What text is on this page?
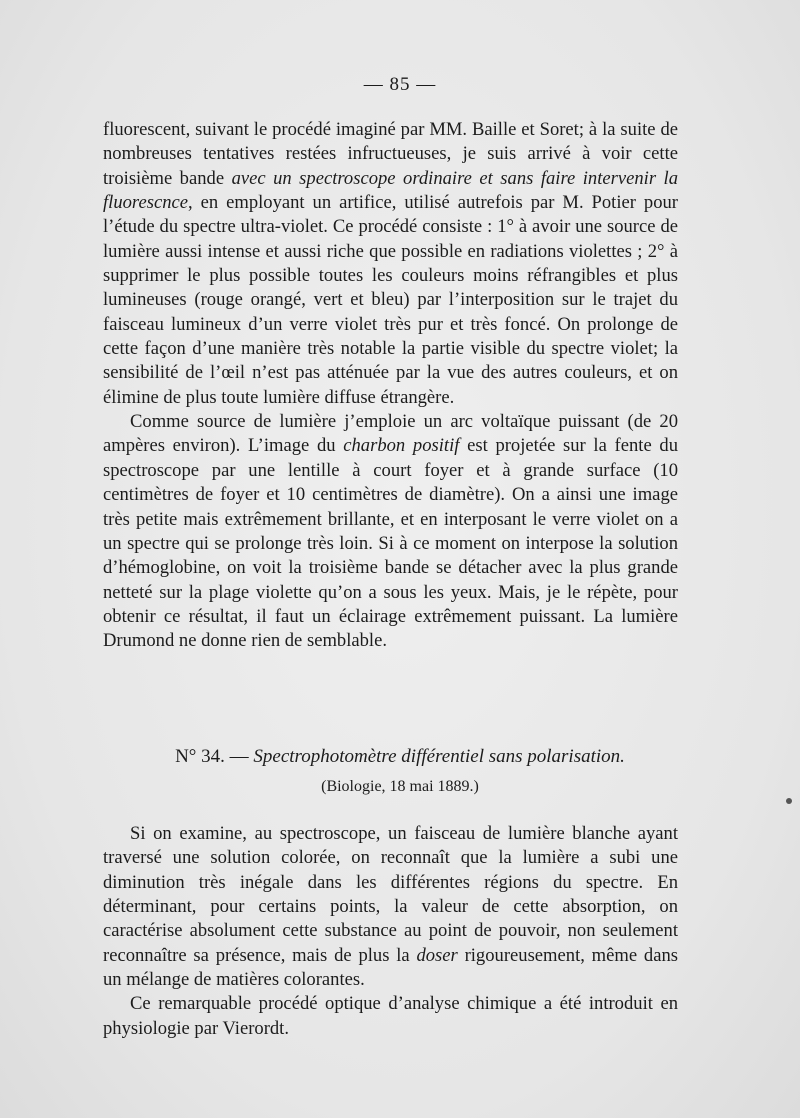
— 85 —

fluorescent, suivant le procédé imaginé par MM. Baille et Soret; à la suite de nombreuses tentatives restées infructueuses, je suis arrivé à voir cette troisième bande avec un spectroscope ordinaire et sans faire intervenir la fluorescnce, en employant un artifice, utilisé autrefois par M. Potier pour l’étude du spectre ultra-violet. Ce procédé consiste : 1° à avoir une source de lumière aussi intense et aussi riche que possible en radiations violettes ; 2° à supprimer le plus possible toutes les couleurs moins réfrangibles et plus lumineuses (rouge orangé, vert et bleu) par l’interposition sur le trajet du faisceau lumineux d’un verre violet très pur et très foncé. On prolonge de cette façon d’une manière très notable la partie visible du spectre violet; la sensibilité de l’œil n’est pas atténuée par la vue des autres couleurs, et on élimine de plus toute lumière diffuse étrangère.

Comme source de lumière j’emploie un arc voltaïque puissant (de 20 ampères environ). L’image du charbon positif est projetée sur la fente du spectroscope par une lentille à court foyer et à grande surface (10 centimètres de foyer et 10 centimètres de diamètre). On a ainsi une image très petite mais extrêmement brillante, et en interposant le verre violet on a un spectre qui se prolonge très loin. Si à ce moment on interpose la solution d’hémoglobine, on voit la troisième bande se détacher avec la plus grande netteté sur la plage violette qu’on a sous les yeux. Mais, je le répète, pour obtenir ce résultat, il faut un éclairage extrêmement puissant. La lumière Drumond ne donne rien de semblable.

N° 34. — Spectrophotomètre différentiel sans polarisation.
(Biologie, 18 mai 1889.)

Si on examine, au spectroscope, un faisceau de lumière blanche ayant traversé une solution colorée, on reconnaît que la lumière a subi une diminution très inégale dans les différentes régions du spectre. En déterminant, pour certains points, la valeur de cette absorption, on caractérise absolument cette substance au point de pouvoir, non seulement reconnaître sa présence, mais de plus la doser rigoureusement, même dans un mélange de matières colorantes.

Ce remarquable procédé optique d’analyse chimique a été introduit en physiologie par Vierordt.
